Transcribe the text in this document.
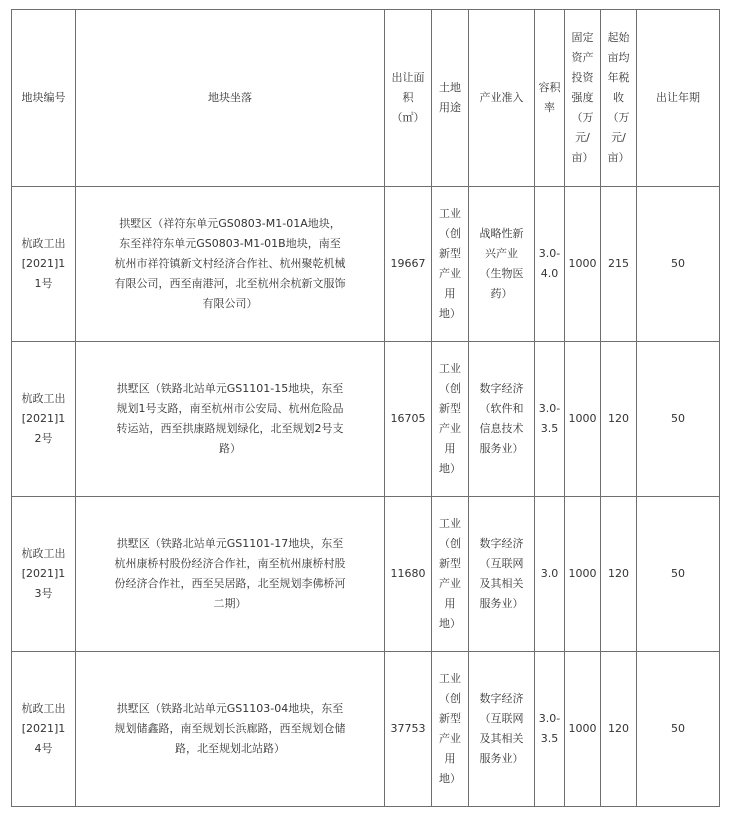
地块编号	地块坐落	出让面积（㎡）	土地用途	产业准入	容积率	固定资产投资强度（万元/亩）	起始亩均年税收（万元/亩）	出让年期

杭政工出[2021]11号	拱墅区（祥符东单元GS0803-M1-01A地块，东至祥符东单元GS0803-M1-01B地块，南至杭州市祥符镇新文村经济合作社、杭州聚乾机械有限公司，西至南港河，北至杭州余杭新文服饰有限公司）	19667	工业（创新型产业用地）	战略性新兴产业（生物医药）	3.0-4.0	1000	215	50

杭政工出[2021]12号	拱墅区（铁路北站单元GS1101-15地块，东至规划1号支路，南至杭州市公安局、杭州危险品转运站，西至拱康路规划绿化，北至规划2号支路）	16705	工业（创新型产业用地）	数字经济（软件和信息技术服务业）	3.0-3.5	1000	120	50

杭政工出[2021]13号	拱墅区（铁路北站单元GS1101-17地块，东至杭州康桥村股份经济合作社，南至杭州康桥村股份经济合作社，西至吴居路，北至规划李佛桥河二期）	11680	工业（创新型产业用地）	数字经济（互联网及其相关服务业）	3.0	1000	120	50

杭政工出[2021]14号	拱墅区（铁路北站单元GS1103-04地块，东至规划储鑫路，南至规划长浜廊路，西至规划仓储路，北至规划北站路）	37753	工业（创新型产业用地）	数字经济（互联网及其相关服务业）	3.0-3.5	1000	120	50
